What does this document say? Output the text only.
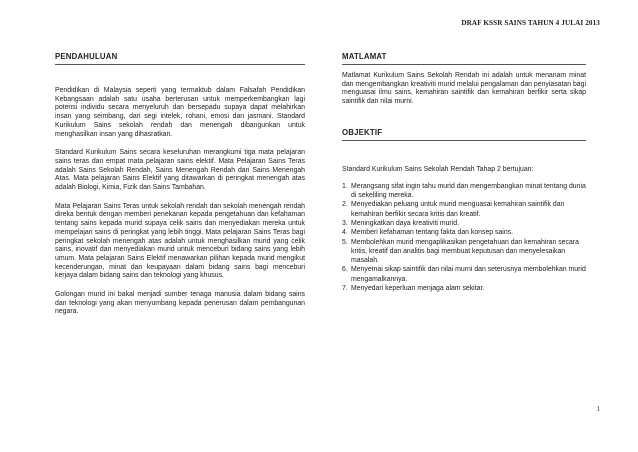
DRAF KSSR SAINS TAHUN 4 JULAI 2013
PENDAHULUAN

Pendidikan di Malaysia seperti yang termaktub dalam Falsafah Pendidikan Kebangsaan adalah satu usaha berterusan untuk memperkembangkan lagi potensi individu secara menyeluruh dan bersepadu supaya dapat melahirkan insan yang seimbang, dari segi intelek, rohani, emosi dan jasmani. Standard Kurikulum Sains sekolah rendah dan menengah dibangunkan untuk menghasilkan insan yang dihasratkan.

Standard Kurikulum Sains secara keseluruhan merangkumi tiga mata pelajaran sains teras dan empat mata pelajaran sains elektif. Mata Pelajaran Sains Teras adalah Sains Sekolah Rendah, Sains Menengah Rendah dan Sains Menengah Atas. Mata pelajaran Sains Elektif yang ditawarkan di peringkat menengah atas adalah Biologi, Kimia, Fizik dan Sains Tambahan.

Mata Pelajaran Sains Teras untuk sekolah rendah dan sekolah menengah rendah direka bentuk dengan memberi penekanan kepada pengetahuan dan kefahaman tentang sains kepada murid supaya celik sains dan menyediakan mereka untuk mempelajari sains di peringkat yang lebih tinggi. Mata pelajaran Sains Teras bagi peringkat sekolah menengah atas adalah untuk menghasilkan murid yang celik sains, inovatif dan menyediakan murid untuk menceburi bidang sains yang lebih umum. Mata pelajaran Sains Elektif menawarkan pilihan kepada murid mengikut kecenderungan, minat dan keupayaan dalam bidang sains bagi menceburi kerjaya dalam bidang sains dan teknologi yang khusus.

Golongan murid ini bakal menjadi sumber tenaga manusia dalam bidang sains dan teknologi yang akan menyumbang kepada penerusan dalam pembangunan negara.

MATLAMAT

Matlamat Kurikulum Sains Sekolah Rendah ini adalah untuk menanam minat dan mengembangkan kreativiti murid melalui pengalaman dan penyiasatan bagi menguasai ilmu sains, kemahiran saintifik dan kemahiran berfikir serta sikap saintifik dan nilai murni.

OBJEKTIF
Standard Kurikulum Sains Sekolah Rendah Tahap 2 bertujuan:
1. Merangsang sifat ingin tahu murid dan mengembangkan minat tentang dunia di sekeliling mereka.
2. Menyediakan peluang untuk murid menguasai kemahiran saintifik dan kemahiran berfikir secara kritis dan kreatif.
3. Meningkatkan daya kreativiti murid.
4. Memberi kefahaman tentang fakta dan konsep sains.
5. Membolehkan murid mengaplikasikan pengetahuan dan kemahiran secara kritis, kreatif dan analitis bagi membuat keputusan dan menyelesaikan masalah.
6. Menyemai sikap saintifik dan nilai murni dan seterusnya membolehkan murid mengamalkannya.
7. Menyedari keperluan menjaga alam sekitar.
1
